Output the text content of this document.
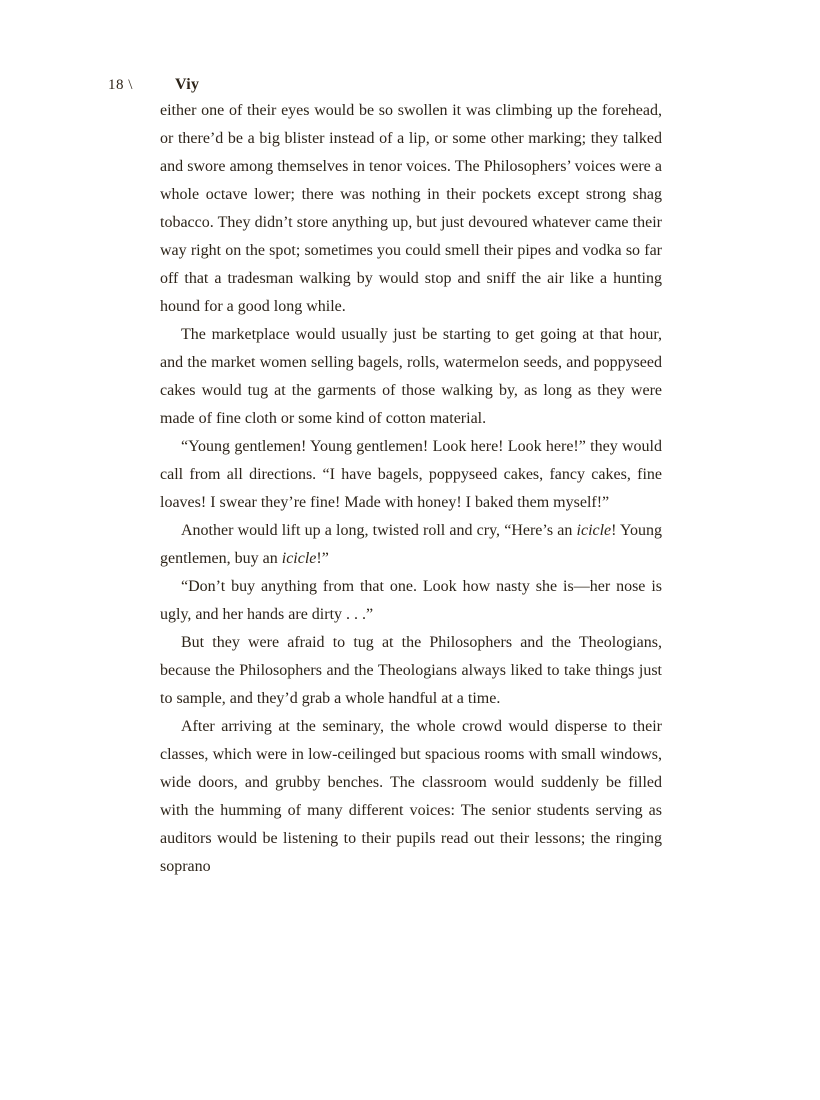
18 \	Viy

either one of their eyes would be so swollen it was climbing up the forehead, or there’d be a big blister instead of a lip, or some other marking; they talked and swore among themselves in tenor voices. The Philosophers’ voices were a whole octave lower; there was nothing in their pockets except strong shag tobacco. They didn’t store anything up, but just devoured whatever came their way right on the spot; sometimes you could smell their pipes and vodka so far off that a tradesman walking by would stop and sniff the air like a hunting hound for a good long while.

The marketplace would usually just be starting to get going at that hour, and the market women selling bagels, rolls, watermelon seeds, and poppyseed cakes would tug at the garments of those walking by, as long as they were made of fine cloth or some kind of cotton material.

“Young gentlemen! Young gentlemen! Look here! Look here!” they would call from all directions. “I have bagels, poppyseed cakes, fancy cakes, fine loaves! I swear they’re fine! Made with honey! I baked them myself!”

Another would lift up a long, twisted roll and cry, “Here’s an icicle! Young gentlemen, buy an icicle!”

“Don’t buy anything from that one. Look how nasty she is—her nose is ugly, and her hands are dirty . . .”

But they were afraid to tug at the Philosophers and the Theologians, because the Philosophers and the Theologians always liked to take things just to sample, and they’d grab a whole handful at a time.

After arriving at the seminary, the whole crowd would disperse to their classes, which were in low-ceilinged but spacious rooms with small windows, wide doors, and grubby benches. The classroom would suddenly be filled with the humming of many different voices: The senior students serving as auditors would be listening to their pupils read out their lessons; the ringing soprano
